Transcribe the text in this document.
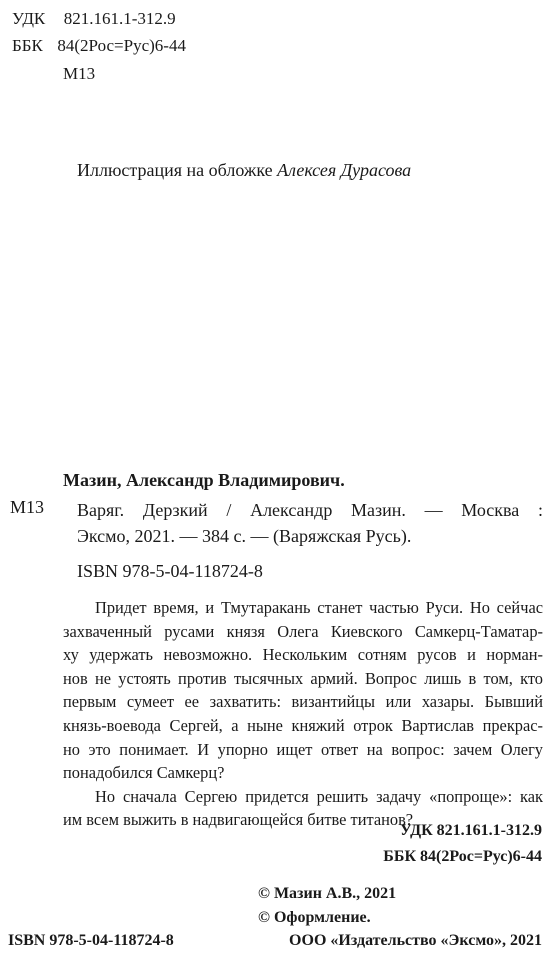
УДК 821.161.1-312.9
ББК 84(2Рос=Рус)6-44
М13
Иллюстрация на обложке Алексея Дурасова
Мазин, Александр Владимирович.
М13 Варяг. Дерзкий / Александр Мазин. — Москва :
Эксмо, 2021. — 384 с. — (Варяжская Русь).
ISBN 978-5-04-118724-8
Придет время, и Тмутаракань станет частью Руси. Но сейчас
захваченный русами князя Олега Киевского Самкерц-Таматар-
ху удержать невозможно. Нескольким сотням русов и норман-
нов не устоять против тысячных армий. Вопрос лишь в том, кто
первым сумеет ее захватить: византийцы или хазары. Бывший
князь-воевода Сергей, а ныне княжий отрок Вартислав прекрас-
но это понимает. И упорно ищет ответ на вопрос: зачем Олегу
понадобился Самкерц?
Но сначала Сергею придется решить задачу «попроще»: как
им всем выжить в надвигающейся битве титанов?
УДК 821.161.1-312.9
ББК 84(2Рос=Рус)6-44
© Мазин А.В., 2021
© Оформление.
ISBN 978-5-04-118724-8	ООО «Издательство «Эксмо», 2021
